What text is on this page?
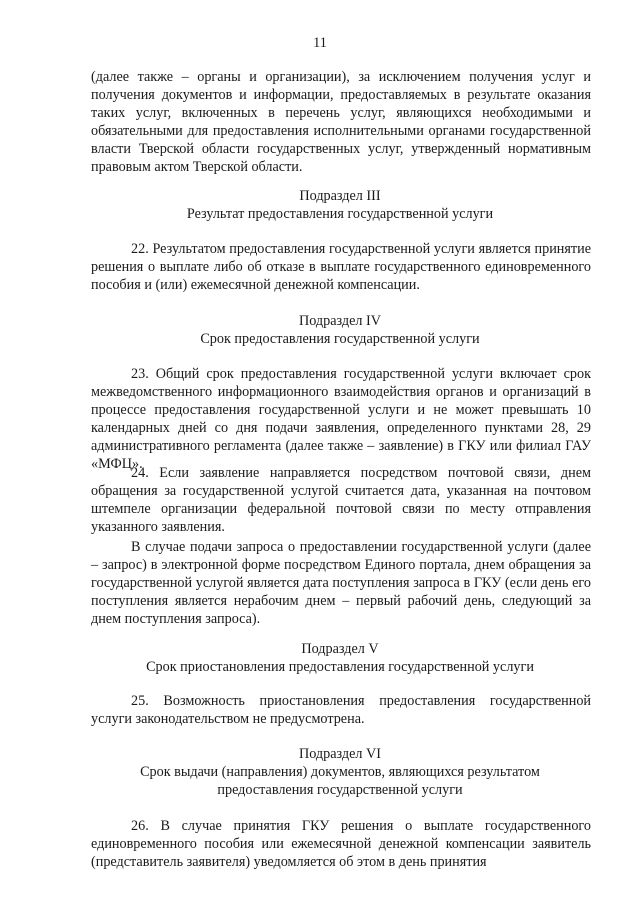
11

(далее также – органы и организации), за исключением получения услуг и получения документов и информации, предоставляемых в результате оказания таких услуг, включенных в перечень услуг, являющихся необходимыми и обязательными для предоставления исполнительными органами государственной власти Тверской области государственных услуг, утвержденный нормативным правовым актом Тверской области.

Подраздел III

Результат предоставления государственной услуги

22. Результатом предоставления государственной услуги является принятие решения о выплате либо об отказе в выплате государственного единовременного пособия и (или) ежемесячной денежной компенсации.

Подраздел IV

Срок предоставления государственной услуги

23. Общий срок предоставления государственной услуги включает срок межведомственного информационного взаимодействия органов и организаций в процессе предоставления государственной услуги и не может превышать 10 календарных дней со дня подачи заявления, определенного пунктами 28, 29 административного регламента (далее также – заявление) в ГКУ или филиал ГАУ «МФЦ».

24. Если заявление направляется посредством почтовой связи, днем обращения за государственной услугой считается дата, указанная на почтовом штемпеле организации федеральной почтовой связи по месту отправления указанного заявления.

В случае подачи запроса о предоставлении государственной услуги (далее – запрос) в электронной форме посредством Единого портала, днем обращения за государственной услугой является дата поступления запроса в ГКУ (если день его поступления является нерабочим днем – первый рабочий день, следующий за днем поступления запроса).

Подраздел V

Срок приостановления предоставления государственной услуги

25. Возможность приостановления предоставления государственной услуги законодательством не предусмотрена.

Подраздел VI

Срок выдачи (направления) документов, являющихся результатом

предоставления государственной услуги

26. В случае принятия ГКУ решения о выплате государственного единовременного пособия или ежемесячной денежной компенсации заявитель (представитель заявителя) уведомляется об этом в день принятия
